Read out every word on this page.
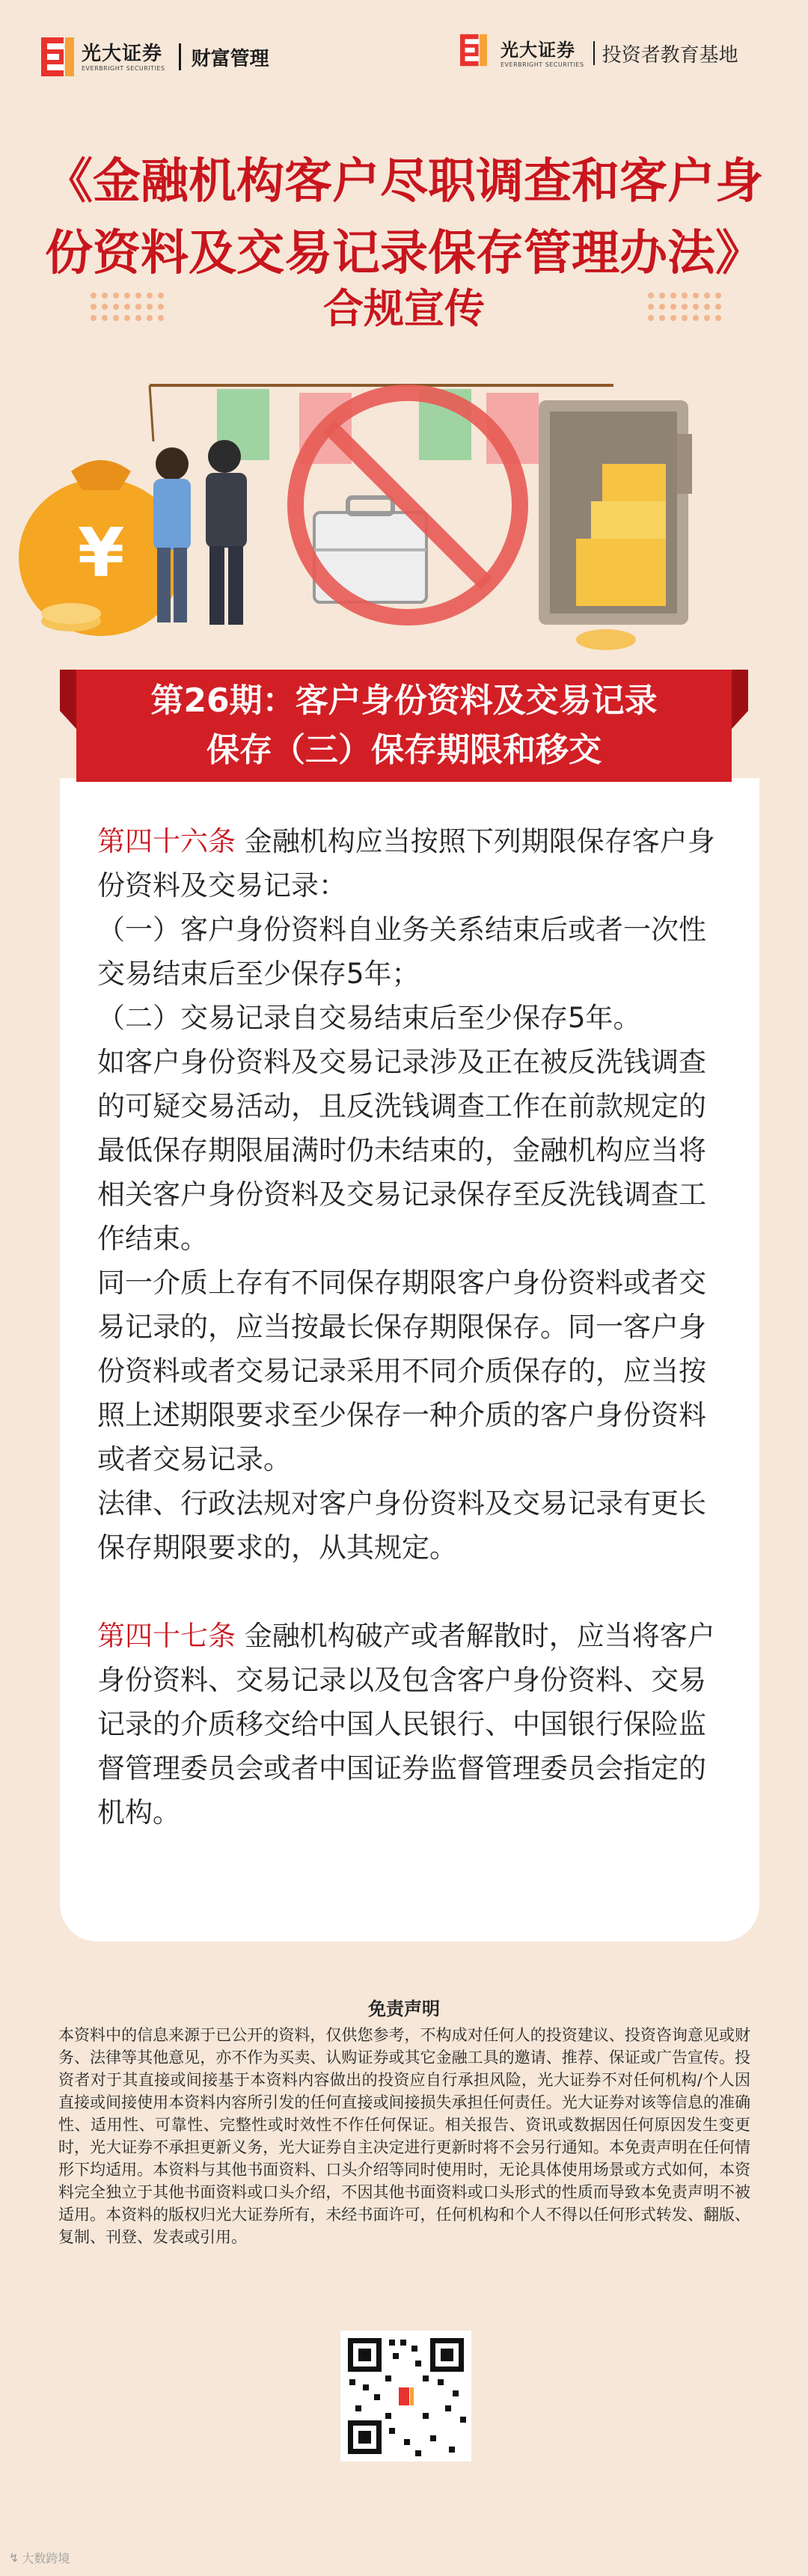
光大证券
EVERBRIGHT SECURITIES 财富管理	光大证券
EVERBRIGHT SECURITIES 投资者教育基地
《金融机构客户尽职调查和客户身
份资料及交易记录保存管理办法》
合规宣传
¥
第26期：客户身份资料及交易记录
保存（三）保存期限和移交

第四十六条 金融机构应当按照下列期限保存客户身份资料及交易记录：

（一）客户身份资料自业务关系结束后或者一次性交易结束后至少保存5年；

（二）交易记录自交易结束后至少保存5年。

如客户身份资料及交易记录涉及正在被反洗钱调查的可疑交易活动，且反洗钱调查工作在前款规定的最低保存期限届满时仍未结束的，金融机构应当将相关客户身份资料及交易记录保存至反洗钱调查工作结束。

同一介质上存有不同保存期限客户身份资料或者交易记录的，应当按最长保存期限保存。同一客户身份资料或者交易记录采用不同介质保存的，应当按照上述期限要求至少保存一种介质的客户身份资料或者交易记录。

法律、行政法规对客户身份资料及交易记录有更长保存期限要求的，从其规定。

第四十七条 金融机构破产或者解散时，应当将客户身份资料、交易记录以及包含客户身份资料、交易记录的介质移交给中国人民银行、中国银行保险监督管理委员会或者中国证券监督管理委员会指定的机构。

免责声明
本资料中的信息来源于已公开的资料，仅供您参考，不构成对任何人的投资建议、投资咨询意见或财务、法律等其他意见，亦不作为买卖、认购证券或其它金融工具的邀请、推荐、保证或广告宣传。投资者对于其直接或间接基于本资料内容做出的投资应自行承担风险，光大证券不对任何机构/个人因直接或间接使用本资料内容所引发的任何直接或间接损失承担任何责任。光大证券对该等信息的准确性、适用性、可靠性、完整性或时效性不作任何保证。相关报告、资讯或数据因任何原因发生变更时，光大证券不承担更新义务，光大证券自主决定进行更新时将不会另行通知。本免责声明在任何情形下均适用。本资料与其他书面资料、口头介绍等同时使用时，无论具体使用场景或方式如何，本资料完全独立于其他书面资料或口头介绍，不因其他书面资料或口头形式的性质而导致本免责声明不被适用。本资料的版权归光大证券所有，未经书面许可，任何机构和个人不得以任何形式转发、翻版、复制、刊登、发表或引用。
↯ 大数跨境
